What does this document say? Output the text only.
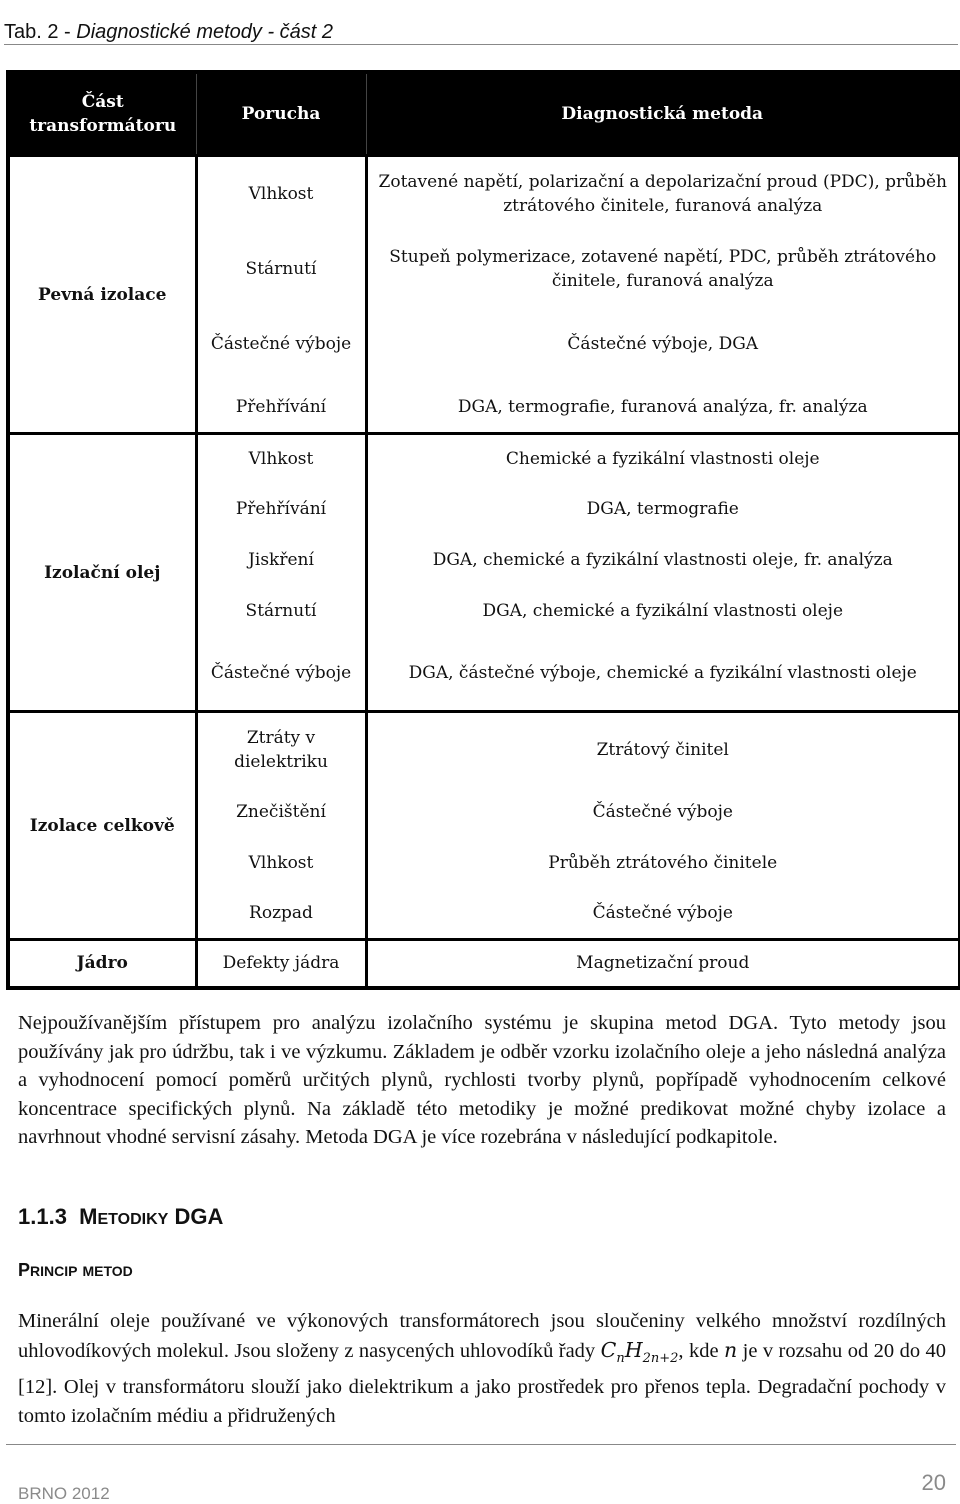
Tab. 2 - Diagnostické metody - část 2
Část transformátoru	Porucha	Diagnostická metoda
Pevná izolace	Vlhkost	Zotavené napětí, polarizační a depolarizační proud (PDC), průběh ztrátového činitele, furanová analýza
	Stárnutí	Stupeň polymerizace, zotavené napětí, PDC, průběh ztrátového činitele, furanová analýza
	Částečné výboje	Částečné výboje, DGA
	Přehřívání	DGA, termografie, furanová analýza, fr. analýza
Izolační olej	Vlhkost	Chemické a fyzikální vlastnosti oleje
	Přehřívání	DGA, termografie
	Jiskření	DGA, chemické a fyzikální vlastnosti oleje, fr. analýza
	Stárnutí	DGA, chemické a fyzikální vlastnosti oleje
	Částečné výboje	DGA, částečné výboje, chemické a fyzikální vlastnosti oleje
Izolace celkově	Ztráty v dielektriku	Ztrátový činitel
	Znečištění	Částečné výboje
	Vlhkost	Průběh ztrátového činitele
	Rozpad	Částečné výboje
Jádro	Defekty jádra	Magnetizační proud

Nejpoužívanějším přístupem pro analýzu izolačního systému je skupina metod DGA. Tyto metody jsou používány jak pro údržbu, tak i ve výzkumu. Základem je odběr vzorku izolačního oleje a jeho následná analýza a vyhodnocení pomocí poměrů určitých plynů, rychlosti tvorby plynů, popřípadě vyhodnocením celkové koncentrace specifických plynů. Na základě této metodiky je možné predikovat možné chyby izolace a navrhnout vhodné servisní zásahy. Metoda DGA je více rozebrána v následující podkapitole.

1.1.3 METODIKY DGA
PRINCIP METOD

Minerální oleje používané ve výkonových transformátorech jsou sloučeniny velkého množství rozdílných uhlovodíkových molekul. Jsou složeny z nasycených uhlovodíků řady $C_nH_{2n+2}$, kde n je v rozsahu od 20 do 40 [12]. Olej v transformátoru slouží jako dielektrikum a jako prostředek pro přenos tepla. Degradační pochody v tomto izolačním médiu a přidružených

BRNO 2012	20
